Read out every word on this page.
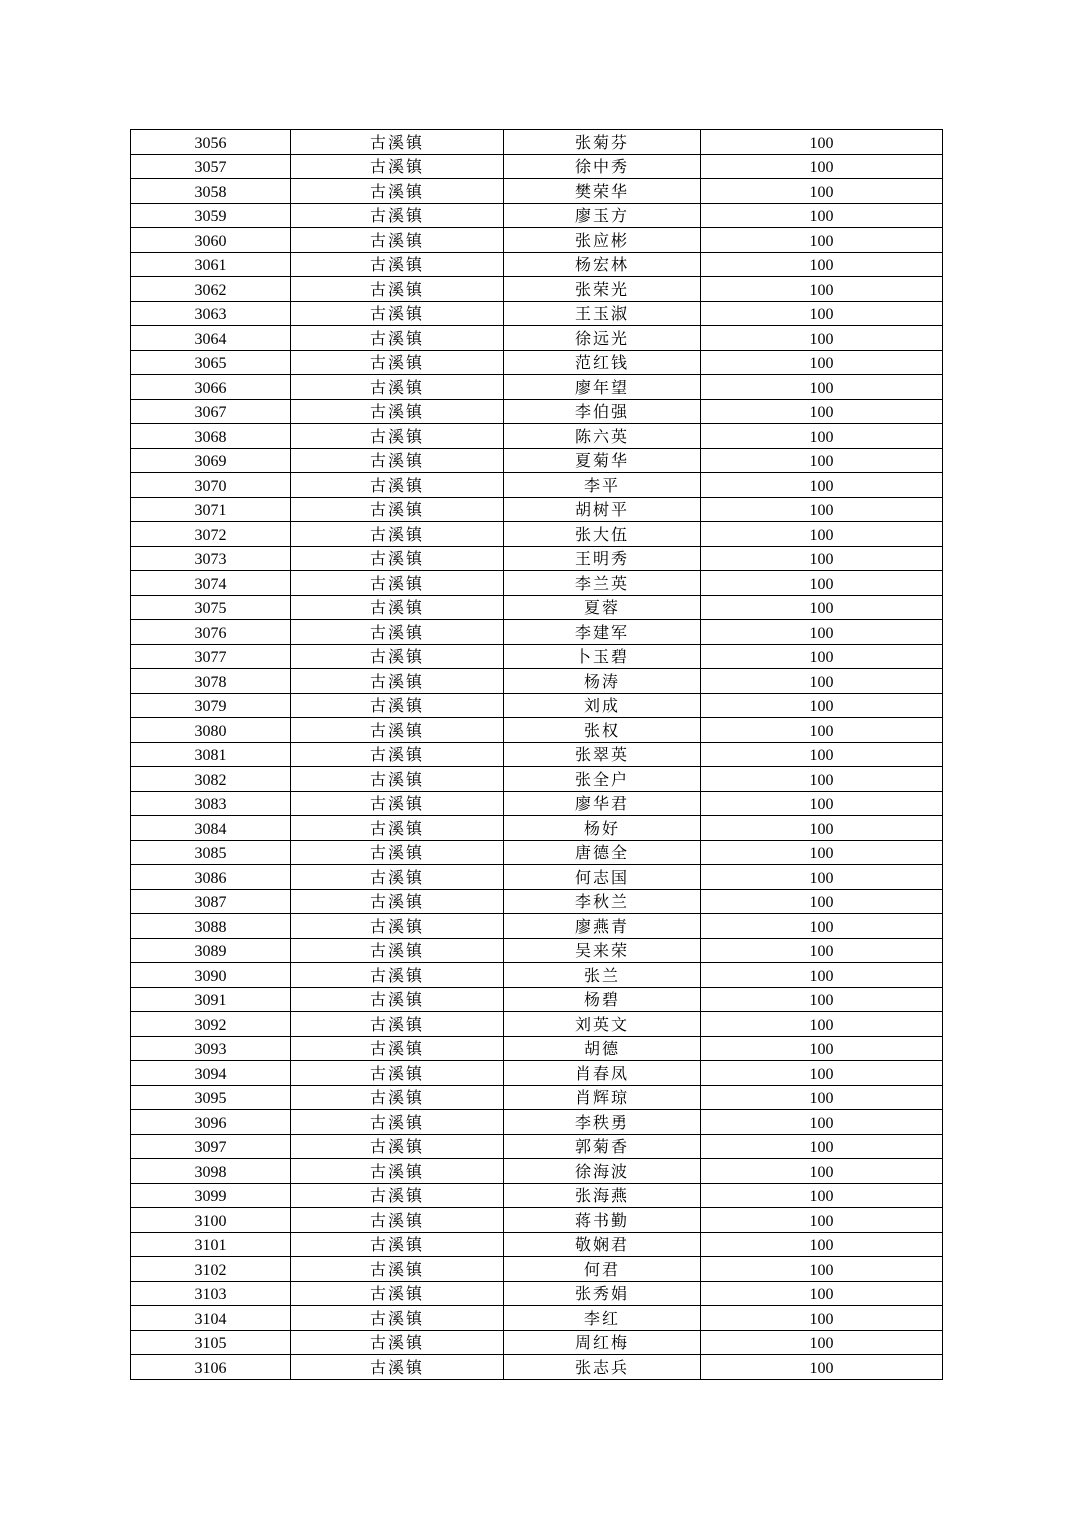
3056	古溪镇	张菊芬	100
3057	古溪镇	徐中秀	100
3058	古溪镇	樊荣华	100
3059	古溪镇	廖玉方	100
3060	古溪镇	张应彬	100
3061	古溪镇	杨宏林	100
3062	古溪镇	张荣光	100
3063	古溪镇	王玉淑	100
3064	古溪镇	徐远光	100
3065	古溪镇	范红钱	100
3066	古溪镇	廖年望	100
3067	古溪镇	李伯强	100
3068	古溪镇	陈六英	100
3069	古溪镇	夏菊华	100
3070	古溪镇	李平	100
3071	古溪镇	胡树平	100
3072	古溪镇	张大伍	100
3073	古溪镇	王明秀	100
3074	古溪镇	李兰英	100
3075	古溪镇	夏蓉	100
3076	古溪镇	李建军	100
3077	古溪镇	卜玉碧	100
3078	古溪镇	杨涛	100
3079	古溪镇	刘成	100
3080	古溪镇	张权	100
3081	古溪镇	张翠英	100
3082	古溪镇	张全户	100
3083	古溪镇	廖华君	100
3084	古溪镇	杨好	100
3085	古溪镇	唐德全	100
3086	古溪镇	何志国	100
3087	古溪镇	李秋兰	100
3088	古溪镇	廖燕青	100
3089	古溪镇	吴来荣	100
3090	古溪镇	张兰	100
3091	古溪镇	杨碧	100
3092	古溪镇	刘英文	100
3093	古溪镇	胡德	100
3094	古溪镇	肖春凤	100
3095	古溪镇	肖辉琼	100
3096	古溪镇	李秩勇	100
3097	古溪镇	郭菊香	100
3098	古溪镇	徐海波	100
3099	古溪镇	张海燕	100
3100	古溪镇	蒋书勤	100
3101	古溪镇	敬娴君	100
3102	古溪镇	何君	100
3103	古溪镇	张秀娟	100
3104	古溪镇	李红	100
3105	古溪镇	周红梅	100
3106	古溪镇	张志兵	100
